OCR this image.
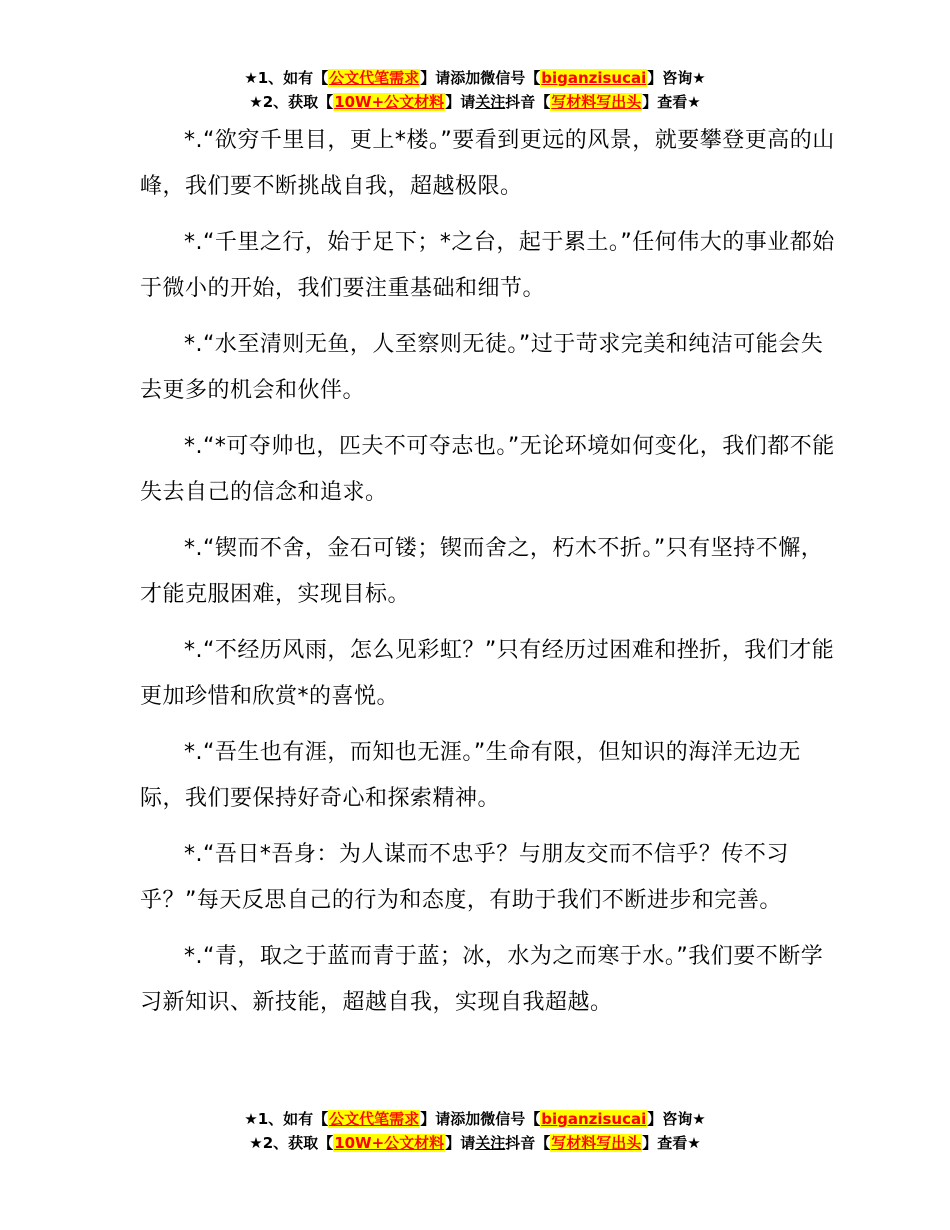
★1、如有【公文代笔需求】请添加微信号【biganzisucai】咨询★
★2、获取【10W+公文材料】请关注抖音【写材料写出头】查看★

*.“欲穷千里目，更上*楼。”要看到更远的风景，就要攀登更高的山峰，我们要不断挑战自我，超越极限。

*.“千里之行，始于足下；*之台，起于累土。”任何伟大的事业都始于微小的开始，我们要注重基础和细节。

*.“水至清则无鱼，人至察则无徒。”过于苛求完美和纯洁可能会失去更多的机会和伙伴。

*.“*可夺帅也，匹夫不可夺志也。”无论环境如何变化，我们都不能失去自己的信念和追求。

*.“锲而不舍，金石可镂；锲而舍之，朽木不折。”只有坚持不懈，才能克服困难，实现目标。

*.“不经历风雨，怎么见彩虹？”只有经历过困难和挫折，我们才能更加珍惜和欣赏*的喜悦。

*.“吾生也有涯，而知也无涯。”生命有限，但知识的海洋无边无际，我们要保持好奇心和探索精神。

*.“吾日*吾身：为人谋而不忠乎？与朋友交而不信乎？传不习乎？”每天反思自己的行为和态度，有助于我们不断进步和完善。

*.“青，取之于蓝而青于蓝；冰，水为之而寒于水。”我们要不断学习新知识、新技能，超越自我，实现自我超越。

★1、如有【公文代笔需求】请添加微信号【biganzisucai】咨询★
★2、获取【10W+公文材料】请关注抖音【写材料写出头】查看★
